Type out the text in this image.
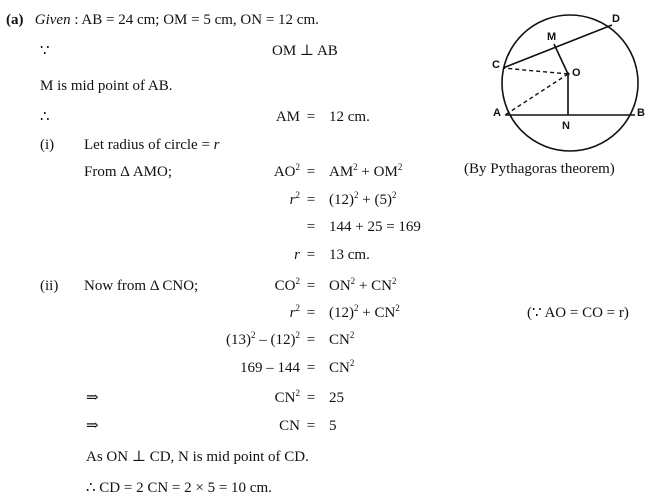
(a) Given : AB = 24 cm; OM = 5 cm, ON = 12 cm.
∵	OM ⊥ AB
M is mid point of AB.
∴	AM = 12 cm.
(i) Let radius of circle = r
From Δ AMO;	$AO^2 = AM^2 + OM^2$	(By Pythagoras theorem)
$r^2 = (12)^2 + (5)^2$
= 144 + 25 = 169
r = 13 cm.
(ii) Now from Δ CNO;	$CO^2 = ON^2 + CN^2$
$r^2 = (12)^2 + CN^2$	(∵ AO = CO = r)
$(13)^2 - (12)^2 = CN^2$
$169 - 144 = CN^2$
⇒	$CN^2 = 25$
⇒	CN = 5
As ON ⊥ CD, N is mid point of CD.
∴ CD = 2 CN = 2 × 5 = 10 cm.
C
M
D
O
A
N
B
